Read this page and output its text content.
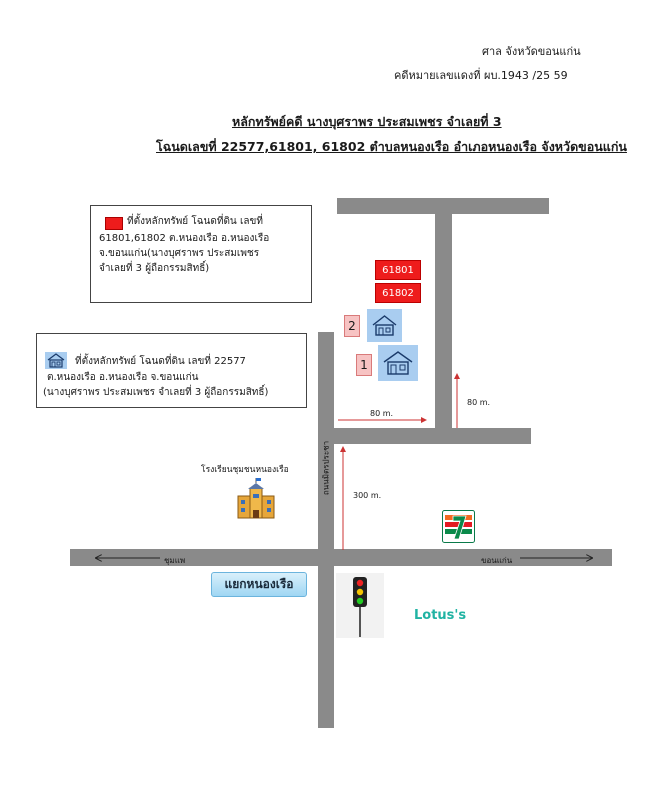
ศาล จังหวัดขอนแก่น
คดีหมายเลขแดงที่ ผบ.1943 /25 59
หลักทรัพย์คดี นางบุศราพร ประสมเพชร จำเลยที่ 3
โฉนดเลขที่ 22577,61801, 61802 ตำบลหนองเรือ อำเภอหนองเรือ จังหวัดขอนแก่น
ถนนมิตรประชา
ที่ตั้งหลักทรัพย์ โฉนดที่ดิน เลขที่
61801,61802 ต.หนองเรือ อ.หนองเรือ
จ.ขอนแก่น(นางบุศราพร ประสมเพชร
จำเลยที่ 3 ผู้ถือกรรมสิทธิ์)
ที่ตั้งหลักทรัพย์ โฉนดที่ดิน เลขที่ 22577
ต.หนองเรือ อ.หนองเรือ จ.ขอนแก่น
(นางบุศราพร ประสมเพชร จำเลยที่ 3 ผู้ถือกรรมสิทธิ์)
61801
61802
2
1
80 m.
80 m.
300 m.
ชุมแพ	ขอนแก่น
โรงเรียนชุมชนหนองเรือ
แยกหนองเรือ
Lotus's
